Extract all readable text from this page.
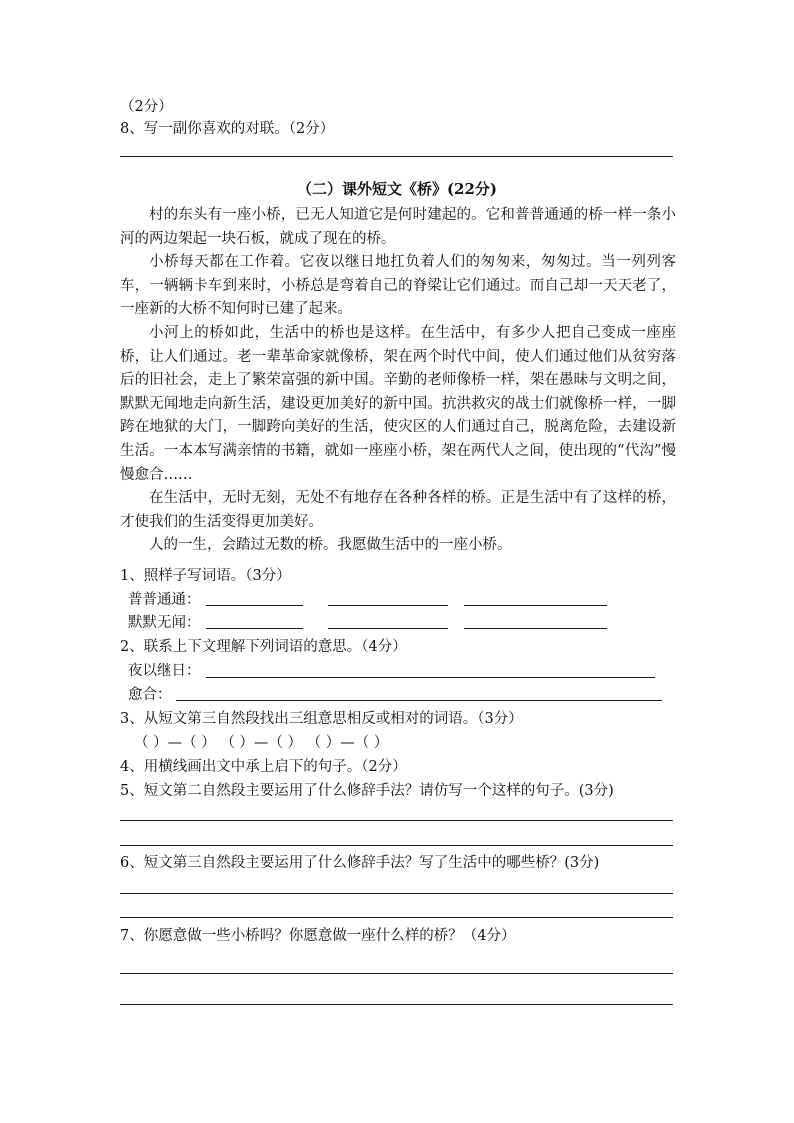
（2分）
8、写一副你喜欢的对联。（2分）
（二）课外短文《桥》(22分)

村的东头有一座小桥，已无人知道它是何时建起的。它和普普通通的桥一样一条小河的两边架起一块石板，就成了现在的桥。

小桥每天都在工作着。它夜以继日地扛负着人们的匆匆来，匆匆过。当一列列客车，一辆辆卡车到来时，小桥总是弯着自己的脊梁让它们通过。而自己却一天天老了，一座新的大桥不知何时已建了起来。

小河上的桥如此，生活中的桥也是这样。在生活中，有多少人把自己变成一座座桥，让人们通过。老一辈革命家就像桥，架在两个时代中间，使人们通过他们从贫穷落后的旧社会，走上了繁荣富强的新中国。辛勤的老师像桥一样，架在愚昧与文明之间，默默无闻地走向新生活，建设更加美好的新中国。抗洪救灾的战士们就像桥一样，一脚跨在地狱的大门，一脚跨向美好的生活，使灾区的人们通过自己，脱离危险，去建设新生活。一本本写满亲情的书籍，就如一座座小桥，架在两代人之间，使出现的“代沟”慢慢愈合……

在生活中，无时无刻，无处不有地存在各种各样的桥。正是生活中有了这样的桥，才使我们的生活变得更加美好。

人的一生，会踏过无数的桥。我愿做生活中的一座小桥。

1、照样子写词语。（3分）
普普通通：
默默无闻：
2、联系上下文理解下列词语的意思。（4分）
夜以继日：
愈合：
3、从短文第三自然段找出三组意思相反或相对的词语。（3分）
（ ）—（ ） （ ）—（ ） （ ）—（ ）
4、用横线画出文中承上启下的句子。（2分）
5、短文第二自然段主要运用了什么修辞手法？请仿写一个这样的句子。(3分)
6、短文第三自然段主要运用了什么修辞手法？写了生活中的哪些桥？(3分)
7、你愿意做一些小桥吗？你愿意做一座什么样的桥？（4分）
